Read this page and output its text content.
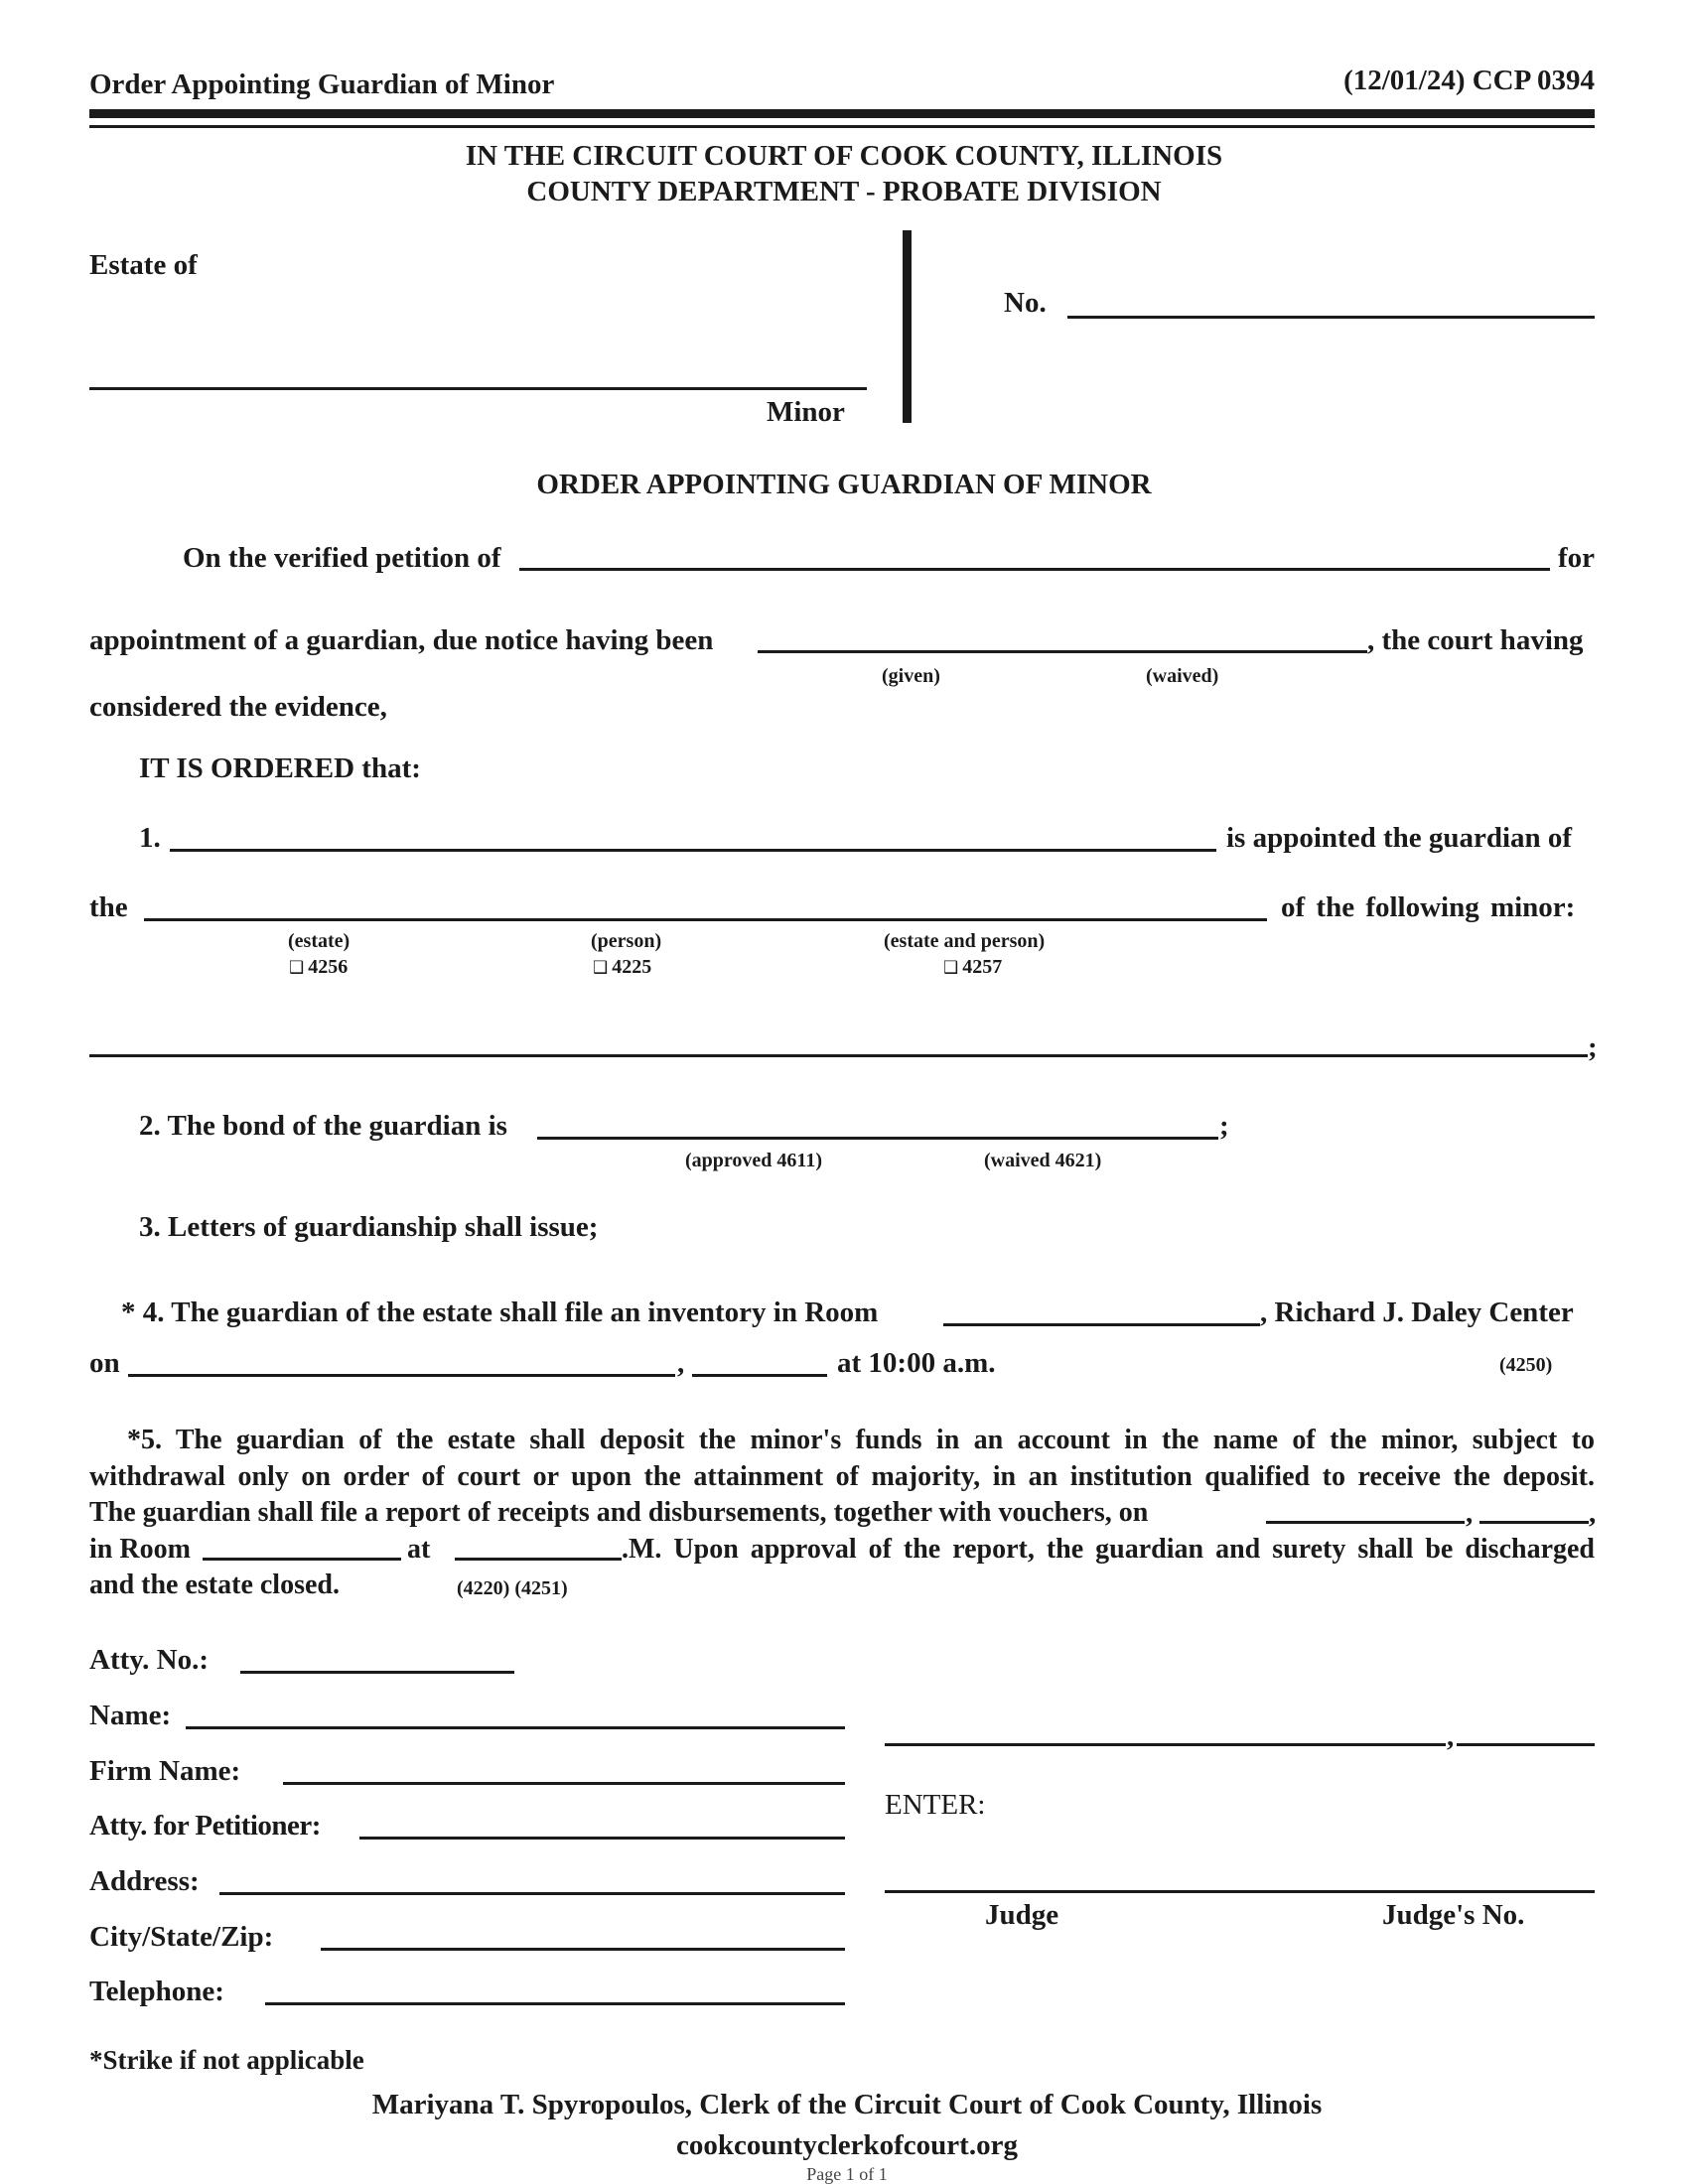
Order Appointing Guardian of Minor	(12/01/24) CCP 0394
IN THE CIRCUIT COURT OF COOK COUNTY, ILLINOIS
COUNTY DEPARTMENT - PROBATE DIVISION
Estate of
Minor
No.
ORDER APPOINTING GUARDIAN OF MINOR
On the verified petition of	for
appointment of a guardian, due notice having been	, the court having
(given)	(waived)
considered the evidence,
IT IS ORDERED that:
1.	is appointed the guardian of
the	of the following minor:
(estate)
❑ 4256
(person)
❑ 4225
(estate and person)
❑ 4257
;
2. The bond of the guardian is	;
(approved 4611)	(waived 4621)
3. Letters of guardianship shall issue;
* 4. The guardian of the estate shall file an inventory in Room	, Richard J. Daley Center
on	,	at 10:00 a.m.	(4250)
*5. The guardian of the estate shall deposit the minor's funds in an account in the name of the minor, subject to
withdrawal only on order of court or upon the attainment of majority, in an institution qualified to receive the deposit.
The guardian shall file a report of receipts and disbursements, together with vouchers, on	,	,
in Room	at	.M. Upon approval of the report, the guardian and surety shall be discharged
and the estate closed.	(4220) (4251)
Atty. No.:
Name:
Firm Name:
Atty. for Petitioner:
Address:
City/State/Zip:
Telephone:
,
ENTER:
Judge	Judge's No.
*Strike if not applicable
Mariyana T. Spyropoulos, Clerk of the Circuit Court of Cook County, Illinois
cookcountyclerkofcourt.org
Page 1 of 1
